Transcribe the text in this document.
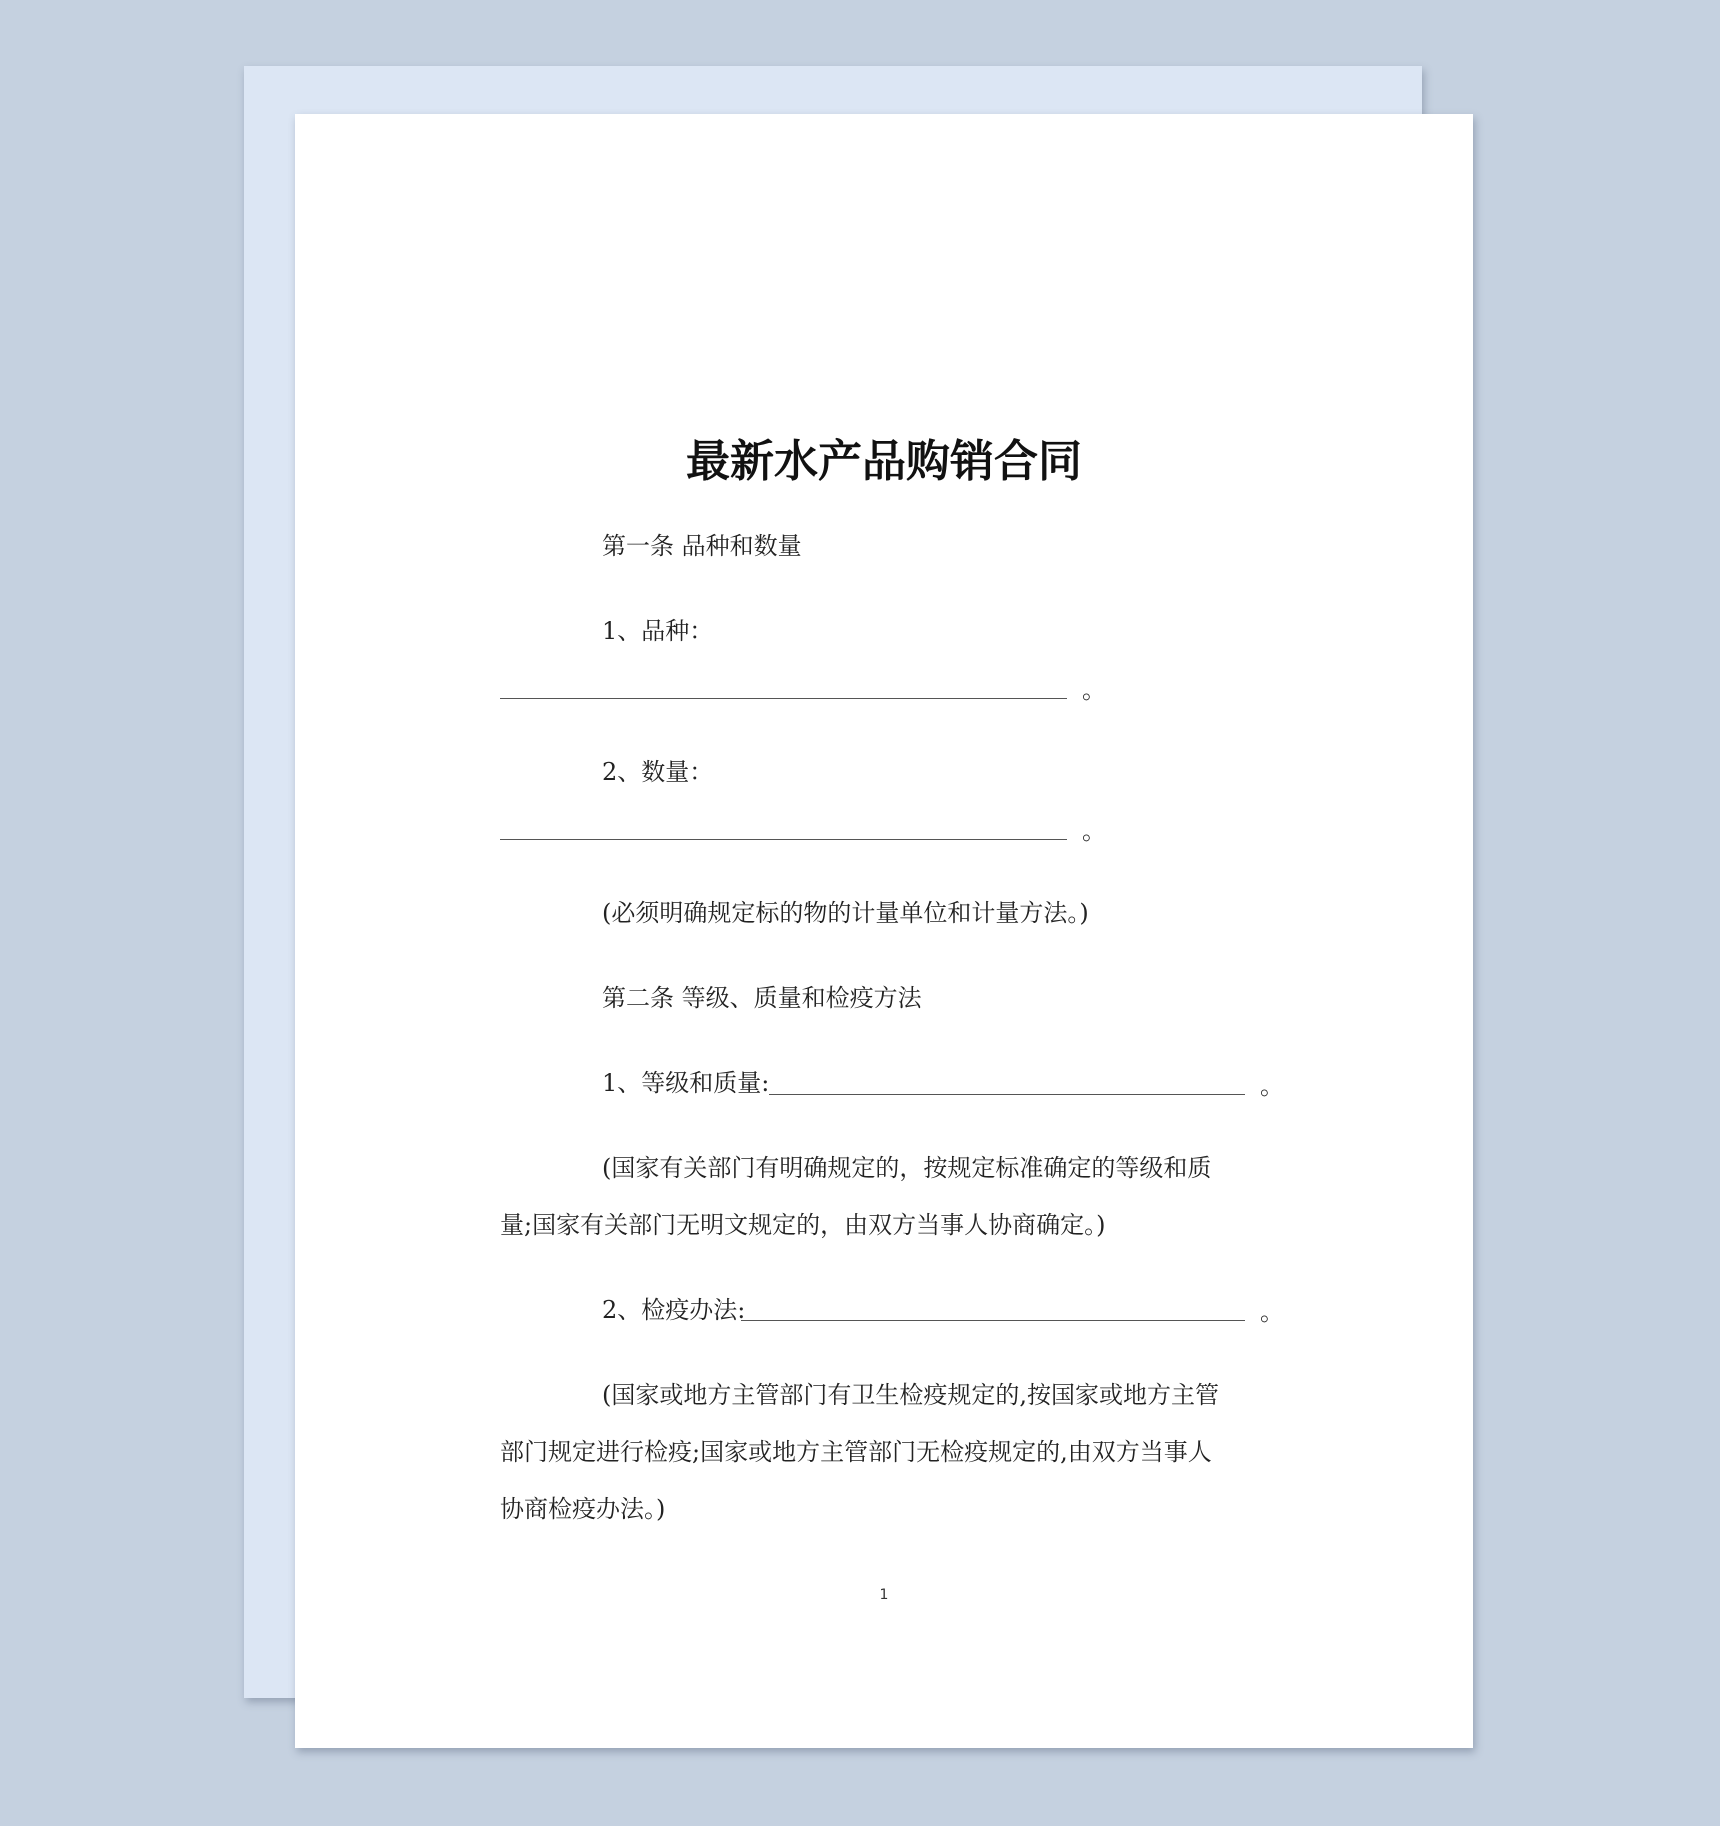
最新水产品购销合同
第一条 品种和数量
1、品种：
。
2、数量：
。
(必须明确规定标的物的计量单位和计量方法。)
第二条 等级、质量和检疫方法
1、等级和质量:	。
(国家有关部门有明确规定的，按规定标准确定的等级和质
量;国家有关部门无明文规定的，由双方当事人协商确定。)
2、检疫办法:	。
(国家或地方主管部门有卫生检疫规定的,按国家或地方主管
部门规定进行检疫;国家或地方主管部门无检疫规定的,由双方当事人
协商检疫办法。)
1
